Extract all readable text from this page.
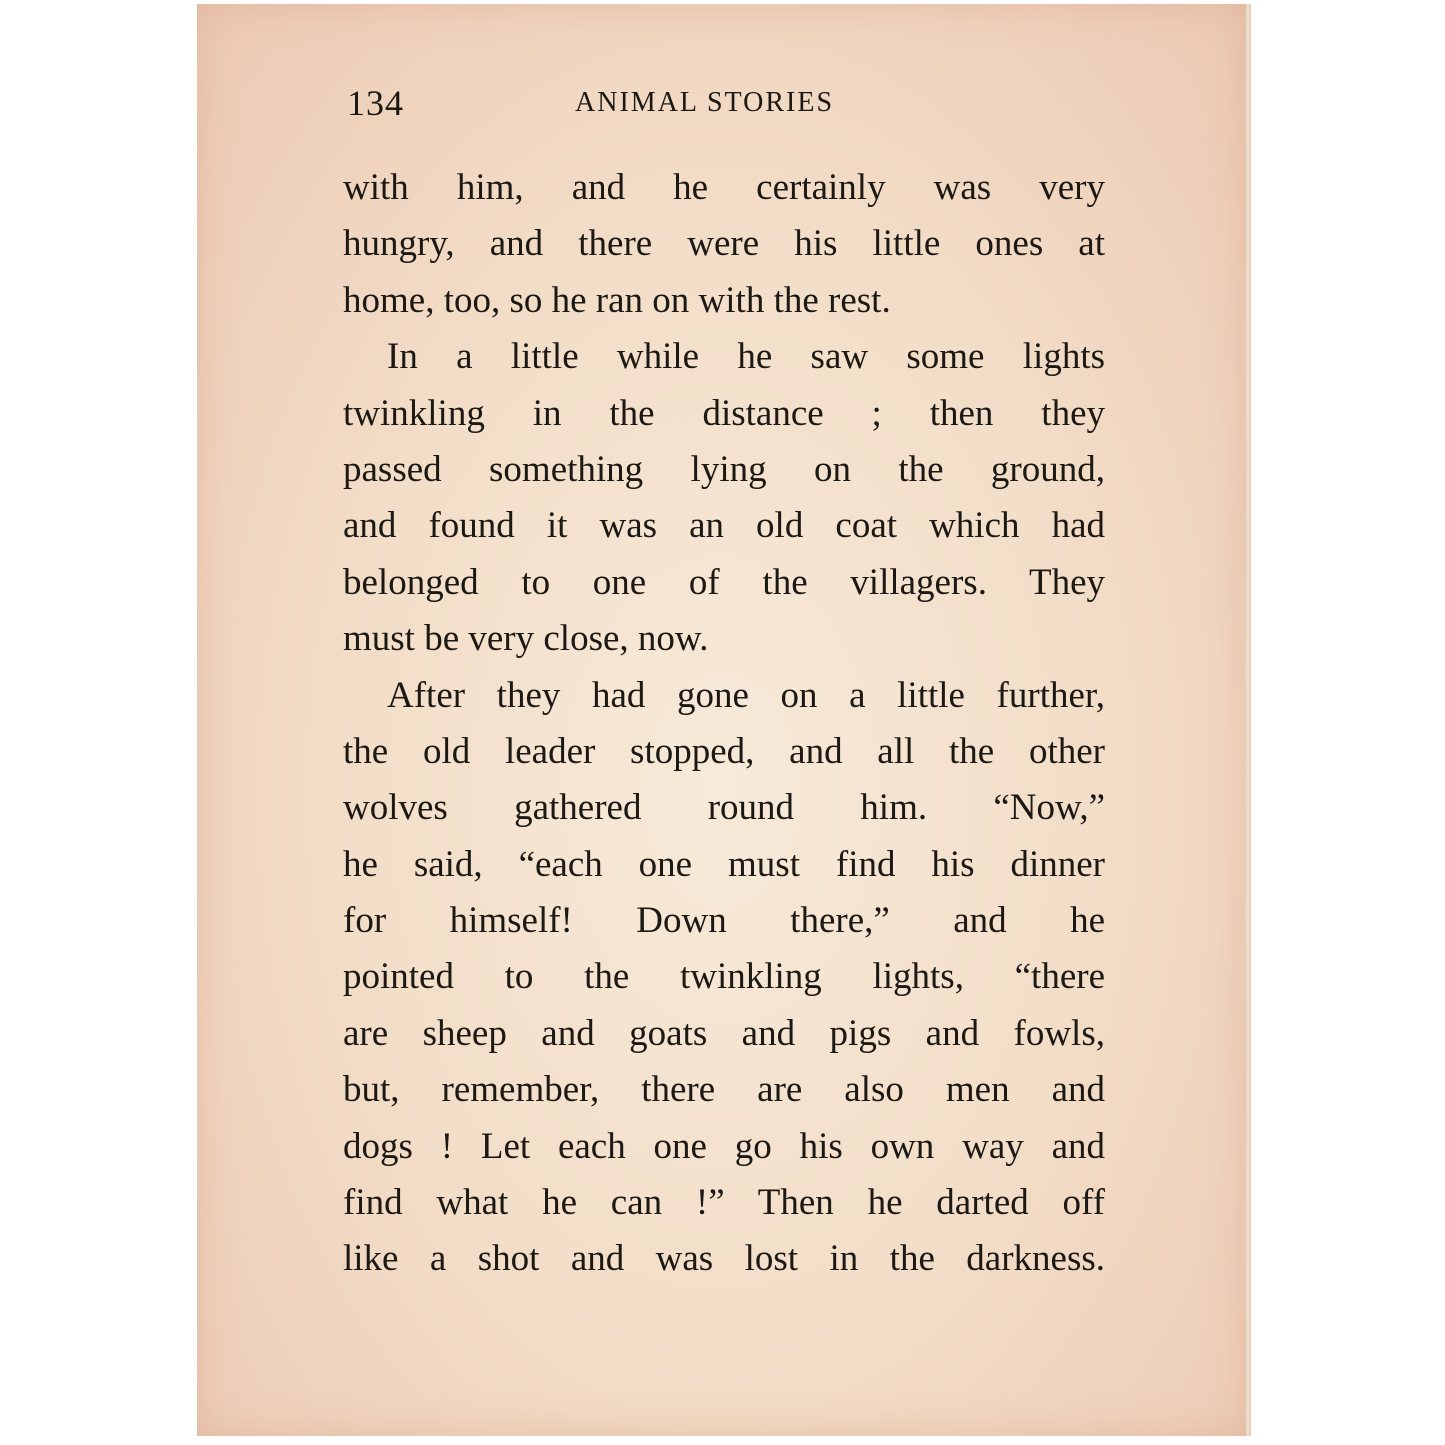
134	ANIMAL STORIES
with him, and he certainly was very
hungry, and there were his little ones at
home, too, so he ran on with the rest.
In a little while he saw some lights
twinkling in the distance ; then they
passed something lying on the ground,
and found it was an old coat which had
belonged to one of the villagers. They
must be very close, now.
After they had gone on a little further,
the old leader stopped, and all the other
wolves gathered round him. “Now,”
he said, “each one must find his dinner
for himself! Down there,” and he
pointed to the twinkling lights, “there
are sheep and goats and pigs and fowls,
but, remember, there are also men and
dogs ! Let each one go his own way and
find what he can !” Then he darted off
like a shot and was lost in the darkness.
